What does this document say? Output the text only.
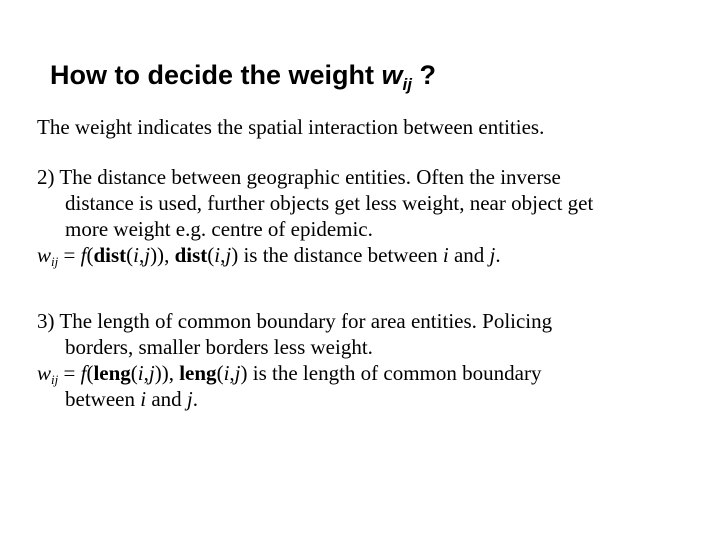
How to decide the weight $w_{ij}$ ?
The weight indicates the spatial interaction between entities.
2) The distance between geographic entities. Often the inverse
distance is used, further objects get less weight, near object get
more weight e.g. centre of epidemic.
$w_{ij}$ = f(dist(i,j)), dist(i,j) is the distance between i and j.
3) The length of common boundary for area entities. Policing
borders, smaller borders less weight.
$w_{ij}$ = f(leng(i,j)), leng(i,j) is the length of common boundary
between i and j.
